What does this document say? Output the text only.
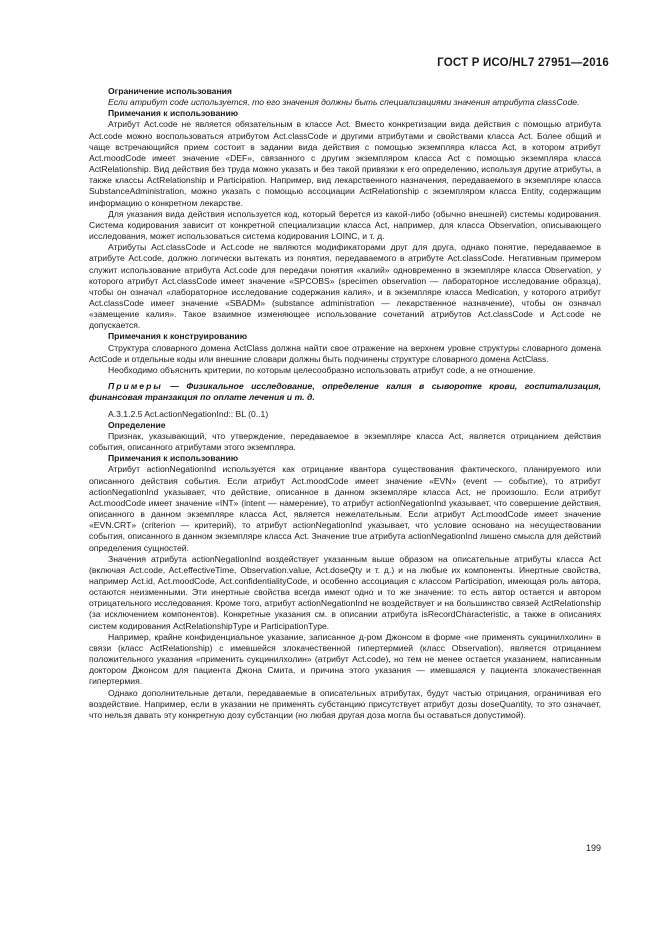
ГОСТ Р ИСО/HL7 27951—2016

Ограничение использования

Если атрибут code используется, то его значения должны быть специализациями значения атрибута classCode.

Примечания к использованию

Атрибут Act.code не является обязательным в классе Act. Вместо конкретизации вида действия с помощью атрибута Act.code можно воспользоваться атрибутом Act.classCode и другими атрибутами и свойствами класса Act. Более общий и чаще встречающийся прием состоит в задании вида действия с помощью экземпляра класса Act, в котором атрибут Act.moodCode имеет значение «DEF», связанного с другим экземпляром класса Act с помощью экземпляра класса ActRelationship. Вид действия без труда можно указать и без такой привязки к его определению, используя другие атрибуты, а также классы ActRelationship и Participation. Например, вид лекарственного назначения, передаваемого в экземпляре класса SubstanceAdministration, можно указать с помощью ассоциации ActRelationship с экземпляром класса Entity, содержащим информацию о конкретном лекарстве.

Для указания вида действия используется код, который берется из какой-либо (обычно внешней) системы кодирования. Система кодирования зависит от конкретной специализации класса Act, например, для класса Observation, описывающего исследования, может использоваться система кодирования LOINC, и т. д.

Атрибуты Act.classCode и Act.code не являются модификаторами друг для друга, однако понятие, передаваемое в атрибуте Act.code, должно логически вытекать из понятия, передаваемого в атрибуте Act.classCode. Негативным примером служит использование атрибута Act.code для передачи понятия «калий» одновременно в экземпляре класса Observation, у которого атрибут Act.classCode имеет значение «SPCOBS» (specimen observation — лабораторное исследование образца), чтобы он означал «лабораторное исследование содержания калия», и в экземпляре класса Medication, у которого атрибут Act.classCode имеет значение «SBADM» (substance administration — лекарственное назначение), чтобы он означал «замещение калия». Такое взаимное изменяющее использование сочетаний атрибутов Act.classCode и Act.code не допускается.

Примечания к конструированию

Структура словарного домена ActClass должна найти свое отражение на верхнем уровне структуры словарного домена ActCode и отдельные коды или внешние словари должны быть подчинены структуре словарного домена ActClass.

Необходимо объяснить критерии, по которым целесообразно использовать атрибут code, а не отношение.

Примеры — Физикальное исследование, определение калия в сыворотке крови, госпитализация, финансовая транзакция по оплате лечения и т. д.

A.3.1.2.5 Act.actionNegationInd:: BL (0..1)

Определение

Признак, указывающий, что утверждение, передаваемое в экземпляре класса Act, является отрицанием действия события, описанного атрибутами этого экземпляра.

Примечания к использованию

Атрибут actionNegationInd используется как отрицание квантора существования фактического, планируемого или описанного действия события. Если атрибут Act.moodCode имеет значение «EVN» (event — событие), то атрибут actionNegationInd указывает, что действие, описанное в данном экземпляре класса Act, не произошло. Если атрибут Act.moodCode имеет значение «INT» (intent — намерение), то атрибут actionNegationInd указывает, что совершение действия, описанного в данном экземпляре класса Act, является нежелательным. Если атрибут Act.moodCode имеет значение «EVN.CRT» (criterion — критерий), то атрибут actionNegationInd указывает, что условие основано на несуществовании события, описанного в данном экземпляре класса Act. Значение true атрибута actionNegationInd лишено смысла для действий определения сущностей.

Значения атрибута actionNegationInd воздействует указанным выше образом на описательные атрибуты класса Act (включая Act.code, Act.effectiveTime, Observation.value, Act.doseQty и т. д.) и на любые их компоненты. Инертные свойства, например Act.id, Act.moodCode, Act.confidentialityCode, и особенно ассоциация с классом Participation, имеющая роль автора, остаются неизменными. Эти инертные свойства всегда имеют одно и то же значение: то есть автор остается и автором отрицательного исследования. Кроме того, атрибут actionNegationInd не воздействует и на большинство связей ActRelationship (за исключением компонентов). Конкретные указания см. в описании атрибута isRecordCharacteristic, а также в описаниях систем кодирования ActRelationshipType и ParticipationType.

Например, крайне конфиденциальное указание, записанное д-ром Джонсом в форме «не применять сукцинилхолин» в связи (класс ActRelationship) с имевшейся злокачественной гипертермией (класс Observation), является отрицанием положительного указания «применить сукцинилхолин» (атрибут Act.code), но тем не менее остается указанием, написанным доктором Джонсом для пациента Джона Смита, и причина этого указания — имевшаяся у пациента злокачественная гипертермия.

Однако дополнительные детали, передаваемые в описательных атрибутах, будут частью отрицания, ограничивая его воздействие. Например, если в указании не применять субстанцию присутствует атрибут дозы doseQuantity, то это означает, что нельзя давать эту конкретную дозу субстанции (но любая другая доза могла бы оставаться допустимой).

199
